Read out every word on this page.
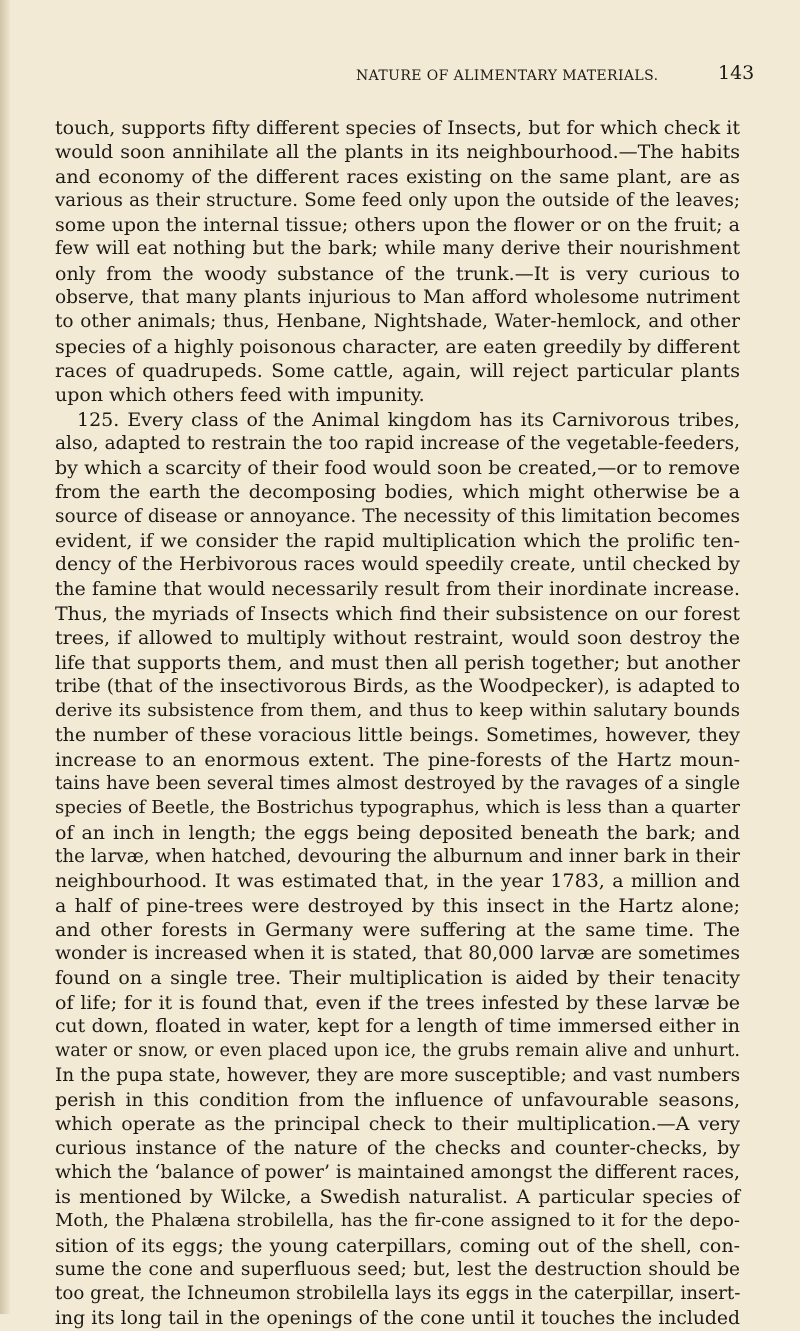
NATURE OF ALIMENTARY MATERIALS.	143
touch, supports fifty different species of Insects, but for which check it
would soon annihilate all the plants in its neighbourhood.—The habits
and economy of the different races existing on the same plant, are as
various as their structure. Some feed only upon the outside of the leaves;
some upon the internal tissue; others upon the flower or on the fruit; a
few will eat nothing but the bark; while many derive their nourishment
only from the woody substance of the trunk.—It is very curious to
observe, that many plants injurious to Man afford wholesome nutriment
to other animals; thus, Henbane, Nightshade, Water-hemlock, and other
species of a highly poisonous character, are eaten greedily by different
races of quadrupeds. Some cattle, again, will reject particular plants
upon which others feed with impunity.
125. Every class of the Animal kingdom has its Carnivorous tribes,
also, adapted to restrain the too rapid increase of the vegetable-feeders,
by which a scarcity of their food would soon be created,—or to remove
from the earth the decomposing bodies, which might otherwise be a
source of disease or annoyance. The necessity of this limitation becomes
evident, if we consider the rapid multiplication which the prolific ten-
dency of the Herbivorous races would speedily create, until checked by
the famine that would necessarily result from their inordinate increase.
Thus, the myriads of Insects which find their subsistence on our forest
trees, if allowed to multiply without restraint, would soon destroy the
life that supports them, and must then all perish together; but another
tribe (that of the insectivorous Birds, as the Woodpecker), is adapted to
derive its subsistence from them, and thus to keep within salutary bounds
the number of these voracious little beings. Sometimes, however, they
increase to an enormous extent. The pine-forests of the Hartz moun-
tains have been several times almost destroyed by the ravages of a single
species of Beetle, the Bostrichus typographus, which is less than a quarter
of an inch in length; the eggs being deposited beneath the bark; and
the larvæ, when hatched, devouring the alburnum and inner bark in their
neighbourhood. It was estimated that, in the year 1783, a million and
a half of pine-trees were destroyed by this insect in the Hartz alone;
and other forests in Germany were suffering at the same time. The
wonder is increased when it is stated, that 80,000 larvæ are sometimes
found on a single tree. Their multiplication is aided by their tenacity
of life; for it is found that, even if the trees infested by these larvæ be
cut down, floated in water, kept for a length of time immersed either in
water or snow, or even placed upon ice, the grubs remain alive and unhurt.
In the pupa state, however, they are more susceptible; and vast numbers
perish in this condition from the influence of unfavourable seasons,
which operate as the principal check to their multiplication.—A very
curious instance of the nature of the checks and counter-checks, by
which the ‘balance of power’ is maintained amongst the different races,
is mentioned by Wilcke, a Swedish naturalist. A particular species of
Moth, the Phalæna strobilella, has the fir-cone assigned to it for the depo-
sition of its eggs; the young caterpillars, coming out of the shell, con-
sume the cone and superfluous seed; but, lest the destruction should be
too great, the Ichneumon strobilella lays its eggs in the caterpillar, insert-
ing its long tail in the openings of the cone until it touches the included
